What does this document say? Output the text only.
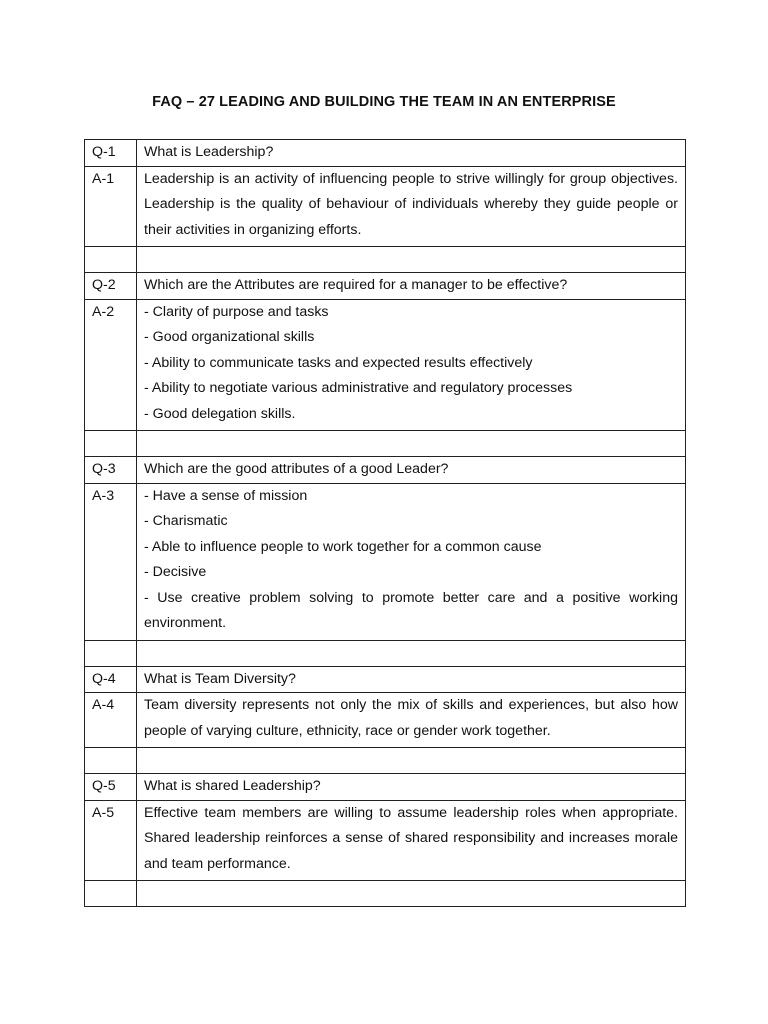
FAQ – 27 LEADING AND BUILDING THE TEAM IN AN ENTERPRISE
Q-1	What is Leadership?
A-1	Leadership is an activity of influencing people to strive willingly for group objectives. Leadership is the quality of behaviour of individuals whereby they guide people or their activities in organizing efforts.

Q-2	Which are the Attributes are required for a manager to be effective?
A-2	- Clarity of purpose and tasks
- Good organizational skills
- Ability to communicate tasks and expected results effectively
- Ability to negotiate various administrative and regulatory processes
- Good delegation skills.

Q-3	Which are the good attributes of a good Leader?
A-3	- Have a sense of mission
- Charismatic
- Able to influence people to work together for a common cause
- Decisive
- Use creative problem solving to promote better care and a positive working environment.

Q-4	What is Team Diversity?
A-4	Team diversity represents not only the mix of skills and experiences, but also how people of varying culture, ethnicity, race or gender work together.

Q-5	What is shared Leadership?
A-5	Effective team members are willing to assume leadership roles when appropriate. Shared leadership reinforces a sense of shared responsibility and increases morale and team performance.
